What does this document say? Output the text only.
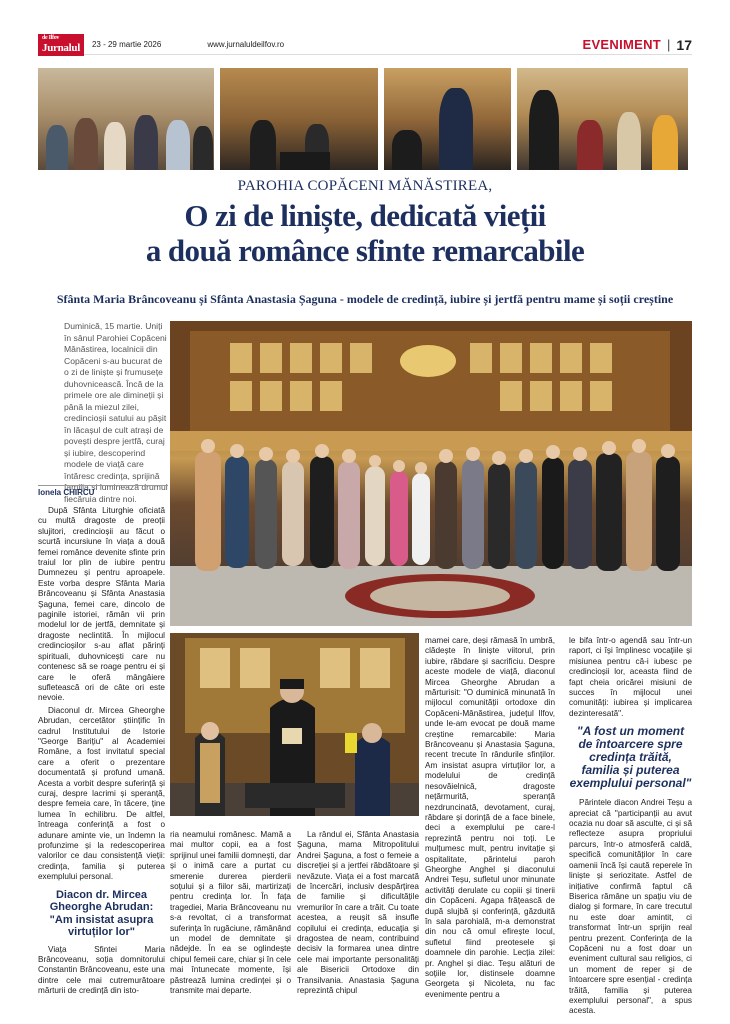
de Ilfov
Jurnalul	23 - 29 martie 2026	www.jurnaluldeilfov.ro	EVENIMENT | 17
PAROHIA COPĂCENI MĂNĂSTIREA,
O zi de liniște, dedicată vieții
a două românce sfinte remarcabile
Sfânta Maria Brâncoveanu și Sfânta Anastasia Șaguna - modele de credință, iubire și jertfă pentru mame și soții creștine
Duminică, 15 martie. Uniți în sânul Parohiei Copăceni Mânăstirea, localnicii din Copăceni s-au bucurat de o zi de liniște și frumusețe duhovnicească. Încă de la primele ore ale dimineții și până la miezul zilei, credincioșii satului au pășit în lăcașul de cult atrași de povești despre jertfă, curaj și iubire, descoperind modele de viață care întăresc credința, sprijină familia și luminează drumul fiecăruia dintre noi.
Ionela CHIRCU

După Sfânta Liturghie oficiată cu multă dragoste de preoții slujitori, credincioșii au făcut o scurtă incursiune în viața a două femei românce devenite sfinte prin traiul lor plin de iubire pentru Dumnezeu și pentru aproapele. Este vorba despre Sfânta Maria Brâncoveanu și Sfânta Anastasia Șaguna, femei care, dincolo de paginile istoriei, rămân vii prin modelul lor de jertfă, demnitate și dragoste neclintită. În mijlocul credincioșilor s-au aflat părinți spirituali, duhovnicești care nu contenesc să se roage pentru ei și care le oferă mângâiere sufletească ori de câte ori este nevoie.

Diaconul dr. Mircea Gheorghe Abrudan, cercetător științific în cadrul Institutului de Istorie "George Barițiu" al Academiei Române, a fost invitatul special care a oferit o prezentare documentată și profund umană. Acesta a vorbit despre suferință și curaj, despre lacrimi și speranță, despre femeia care, în tăcere, ține lumea în echilibru. De altfel, întreaga conferință a fost o adunare aminte vie, un îndemn la profunzime și la redescoperirea valorilor ce dau consistență vieții: credința, familia și puterea exemplului personal.

Diacon dr. Mircea Gheorghe Abrudan: "Am insistat asupra virtuților lor"

Viața Sfintei Maria Brâncoveanu, soția domnitorului Constantin Brâncoveanu, este una dintre cele mai cutremurătoare mărturii de credință din isto-

ria neamului românesc. Mamă a mai multor copii, ea a fost sprijinul unei familii domnești, dar și o inimă care a purtat cu smerenie durerea pierderii soțului și a fiilor săi, martirizați pentru credința lor. În fața tragediei, Maria Brâncoveanu nu s-a revoltat, ci a transformat suferința în rugăciune, rămânând un model de demnitate și nădejde. În ea se oglindește chipul femeii care, chiar și în cele mai întunecate momente, își păstrează lumina credinței și o transmite mai departe.

La rândul ei, Sfânta Anastasia Șaguna, mama Mitropolitului Andrei Șaguna, a fost o femeie a discreției și a jertfei răbdătoare și nevăzute. Viața ei a fost marcată de încercări, inclusiv despărțirea de familie și dificultățile vremurilor în care a trăit. Cu toate acestea, a reușit să insufle copilului ei credința, educația și dragostea de neam, contribuind decisiv la formarea unea dintre cele mai importante personalități ale Bisericii Ortodoxe din Transilvania. Anastasia Șaguna reprezintă chipul

mamei care, deși rămasă în umbră, clădește în liniște viitorul, prin iubire, răbdare și sacrificiu. Despre aceste modele de viață, diaconul Mircea Gheorghe Abrudan a mărturisit: "O duminică minunată în mijlocul comunității ortodoxe din Copăceni-Mânăstirea, județul Ilfov, unde le-am evocat pe două mame creștine remarcabile: Maria Brâncoveanu și Anastasia Șaguna, recent trecute în rândurile sfinților. Am insistat asupra virtuților lor, a modelului de credință nesovăielnică, dragoste nețărmurită, speranță nezdruncinată, devotament, curaj, răbdare și dorință de a face binele, deci a exemplului pe care-l reprezintă pentru noi toți. Le mulțumesc mult, pentru invitație și ospitalitate, părintelui paroh Gheorghe Anghel și diaconului Andrei Teșu, sufletul unor minunate activități derulate cu copiii și tinerii din Copăceni. Agapa frățească de după slujbă și conferință, găzduită în sala parohială, m-a demonstrat din nou că omul efirește locul, sufletul fiind preotesele și doamnele din parohie. Lecția zilei: pr. Anghel și diac. Teșu alături de soțiile lor, distinsele doamne Georgeta și Nicoleta, nu fac evenimente pentru a

le bifa într-o agendă sau într-un raport, ci își împlinesc vocațiile și misiunea pentru că-i iubesc pe credincioșii lor, aceasta fiind de fapt cheia oricărei misiuni de succes în mijlocul unei comunități: iubirea și implicarea dezinteresată".

"A fost un moment de întoarcere spre credința trăită, familia și puterea exemplului personal"

Părintele diacon Andrei Teșu a apreciat că "participanții au avut ocazia nu doar să asculte, ci și să reflecteze asupra propriului parcurs, într-o atmosferă caldă, specifică comunităților în care oamenii încă își caută reperele în liniște și seriozitate. Astfel de inițiative confirmă faptul că Biserica rămâne un spațiu viu de dialog și formare, în care trecutul nu este doar amintit, ci transformat într-un sprijin real pentru prezent. Conferința de la Copăceni nu a fost doar un eveniment cultural sau religios, ci un moment de reper și de întoarcere spre esențial - credința trăită, familia și puterea exemplului personal", a spus acesta.
